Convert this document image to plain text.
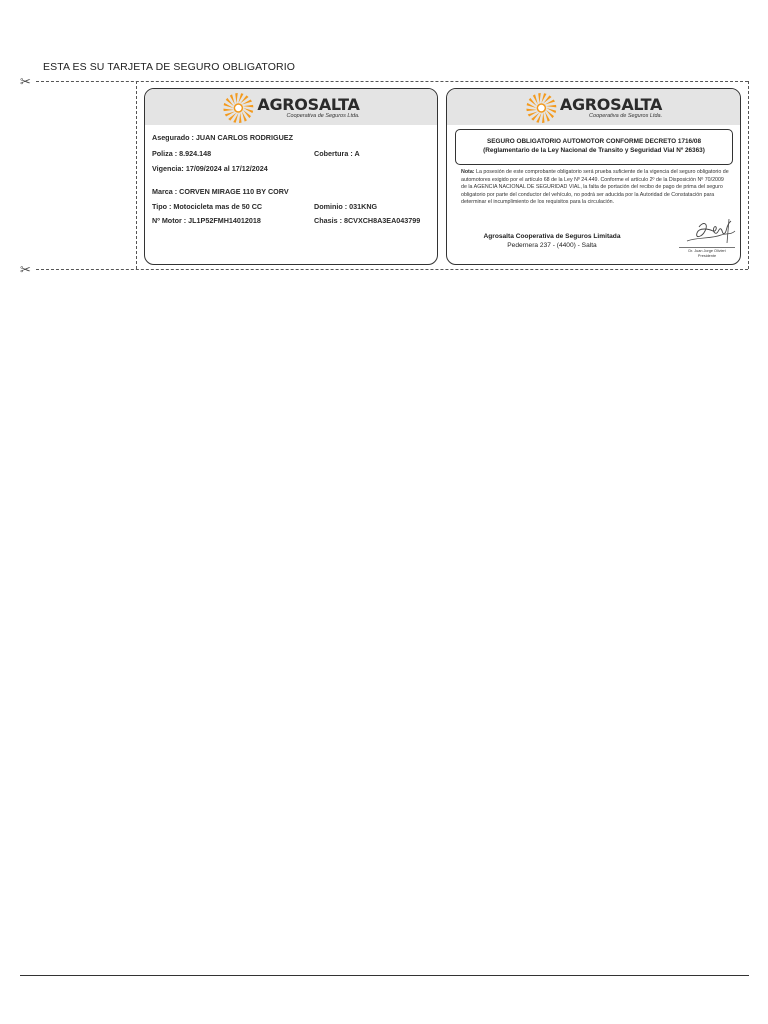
ESTA ES SU TARJETA DE SEGURO OBLIGATORIO
✂
✂
AGROSALTA
Cooperativa de Seguros Ltda.
Asegurado : JUAN CARLOS RODRIGUEZ
Poliza : 8.924.148	Cobertura : A
Vigencia: 17/09/2024 al 17/12/2024
Marca : CORVEN MIRAGE 110 BY CORV
Tipo : Motocicleta mas de 50 CC	Dominio : 031KNG
Nº Motor : JL1P52FMH14012018	Chasis : 8CVXCH8A3EA043799
AGROSALTA
Cooperativa de Seguros Ltda.
SEGURO OBLIGATORIO AUTOMOTOR CONFORME DECRETO 1716/08
(Reglamentario de la Ley Nacional de Transito y Seguridad Vial Nº 26363)
Nota: La posesión de este comprobante obligatorio será prueba suficiente de la vigencia del seguro obligatorio de automotores exigido por el artículo 68 de la Ley Nº 24.449. Conforme el artículo 2º de la Disposición Nº 70/2009 de la AGENCIA NACIONAL DE SEGURIDAD VIAL, la falta de portación del recibo de pago de prima del seguro obligatorio por parte del conductor del vehículo, no podrá ser aducida por la Autoridad de Constatación para determinar el incumplimiento de los requisitos para la circulación.
Agrosalta Cooperativa de Seguros Limitada
Pedernera 237 - (4400) - Salta
Dr. Juan Jorge Olivieri
Presidente
